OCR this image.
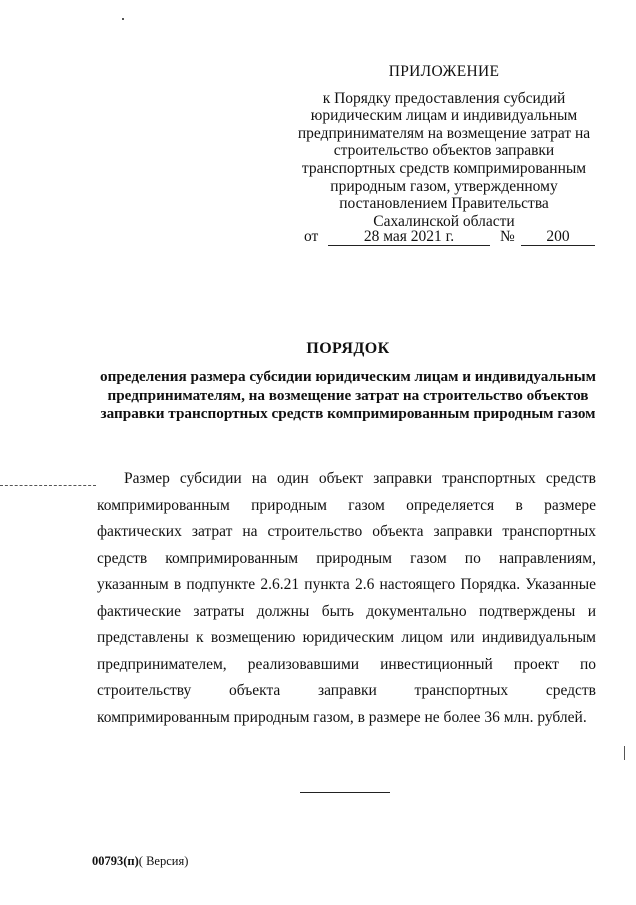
ПРИЛОЖЕНИЕ
к Порядку предоставления субсидий юридическим лицам и индивидуальным предпринимателям на возмещение затрат на строительство объектов заправки транспортных средств компримированным природным газом, утвержденному постановлением Правительства Сахалинской области
от	28 мая 2021 г.	№	200
ПОРЯДОК
определения размера субсидии юридическим лицам и индивидуальным предпринимателям, на возмещение затрат на строительство объектов заправки транспортных средств компримированным природным газом
Размер субсидии на один объект заправки транспортных средств компримированным природным газом определяется в размере фактических затрат на строительство объекта заправки транспортных средств компримированным природным газом по направлениям, указанным в подпункте 2.6.21 пункта 2.6 настоящего Порядка. Указанные фактические затраты должны быть документально подтверждены и представлены к возмещению юридическим лицом или индивидуальным предпринимателем, реализовавшими инвестиционный проект по строительству объекта заправки транспортных средств компримированным природным газом, в размере не более 36 млн. рублей.
00793(п)( Версия)
